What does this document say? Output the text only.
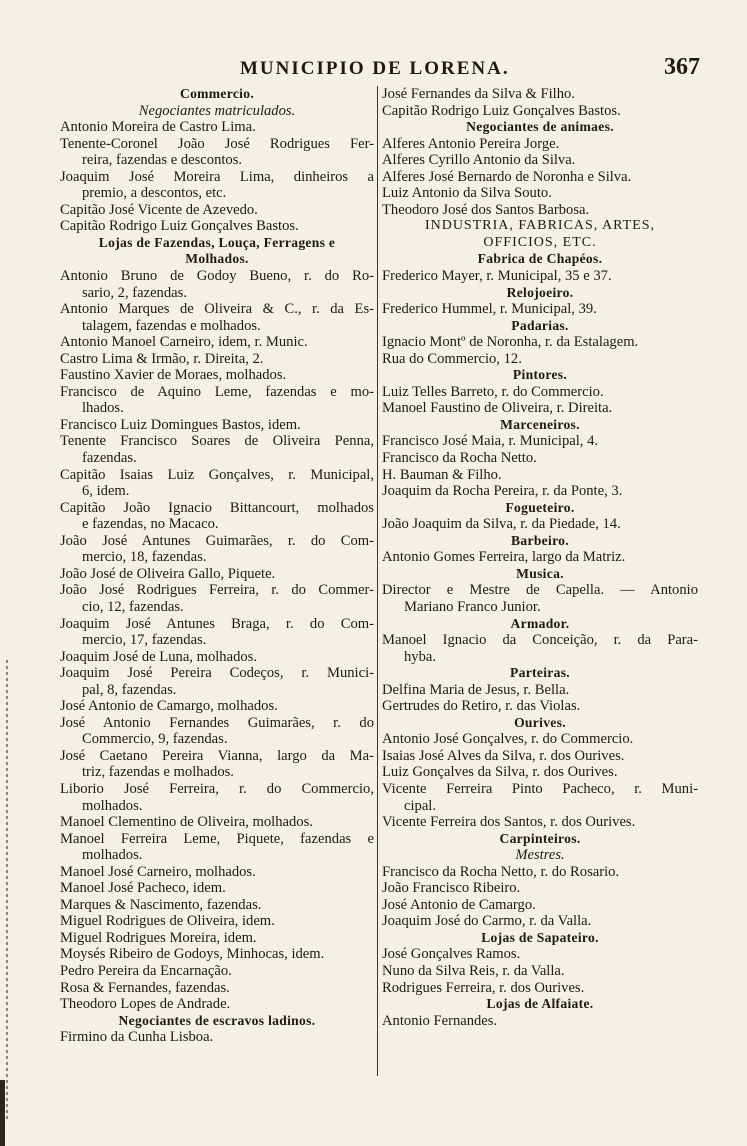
MUNICIPIO DE LORENA.	367
Commercio.
Negociantes matriculados.
Antonio Moreira de Castro Lima.
Tenente-Coronel João José Rodrigues Fer-
reira, fazendas e descontos.
Joaquim José Moreira Lima, dinheiros a
premio, a descontos, etc.
Capitão José Vicente de Azevedo.
Capitão Rodrigo Luiz Gonçalves Bastos.
Lojas de Fazendas, Louça, Ferragens e
Molhados.
Antonio Bruno de Godoy Bueno, r. do Ro-
sario, 2, fazendas.
Antonio Marques de Oliveira & C., r. da Es-
talagem, fazendas e molhados.
Antonio Manoel Carneiro, idem, r. Munic.
Castro Lima & Irmão, r. Direita, 2.
Faustino Xavier de Moraes, molhados.
Francisco de Aquino Leme, fazendas e mo-
lhados.
Francisco Luiz Domingues Bastos, idem.
Tenente Francisco Soares de Oliveira Penna,
fazendas.
Capitão Isaias Luiz Gonçalves, r. Municipal,
6, idem.
Capitão João Ignacio Bittancourt, molhados
e fazendas, no Macaco.
João José Antunes Guimarães, r. do Com-
mercio, 18, fazendas.
João José de Oliveira Gallo, Piquete.
João José Rodrigues Ferreira, r. do Commer-
cio, 12, fazendas.
Joaquim José Antunes Braga, r. do Com-
mercio, 17, fazendas.
Joaquim José de Luna, molhados.
Joaquim José Pereira Codeços, r. Munici-
pal, 8, fazendas.
José Antonio de Camargo, molhados.
José Antonio Fernandes Guimarães, r. do
Commercio, 9, fazendas.
José Caetano Pereira Vianna, largo da Ma-
triz, fazendas e molhados.
Liborio José Ferreira, r. do Commercio,
molhados.
Manoel Clementino de Oliveira, molhados.
Manoel Ferreira Leme, Piquete, fazendas e
molhados.
Manoel José Carneiro, molhados.
Manoel José Pacheco, idem.
Marques & Nascimento, fazendas.
Miguel Rodrigues de Oliveira, idem.
Miguel Rodrigues Moreira, idem.
Moysés Ribeiro de Godoys, Minhocas, idem.
Pedro Pereira da Encarnação.
Rosa & Fernandes, fazendas.
Theodoro Lopes de Andrade.
Negociantes de escravos ladinos.
Firmino da Cunha Lisboa.
José Fernandes da Silva & Filho.
Capitão Rodrigo Luiz Gonçalves Bastos.
Negociantes de animaes.
Alferes Antonio Pereira Jorge.
Alferes Cyrillo Antonio da Silva.
Alferes José Bernardo de Noronha e Silva.
Luiz Antonio da Silva Souto.
Theodoro José dos Santos Barbosa.
INDUSTRIA, FABRICAS, ARTES,
OFFICIOS, ETC.
Fabrica de Chapéos.
Frederico Mayer, r. Municipal, 35 e 37.
Relojoeiro.
Frederico Hummel, r. Municipal, 39.
Padarias.
Ignacio Montº de Noronha, r. da Estalagem.
Rua do Commercio, 12.
Pintores.
Luiz Telles Barreto, r. do Commercio.
Manoel Faustino de Oliveira, r. Direita.
Marceneiros.
Francisco José Maia, r. Municipal, 4.
Francisco da Rocha Netto.
H. Bauman & Filho.
Joaquim da Rocha Pereira, r. da Ponte, 3.
Fogueteiro.
João Joaquim da Silva, r. da Piedade, 14.
Barbeiro.
Antonio Gomes Ferreira, largo da Matriz.
Musica.
Director e Mestre de Capella. — Antonio
Mariano Franco Junior.
Armador.
Manoel Ignacio da Conceição, r. da Para-
hyba.
Parteiras.
Delfina Maria de Jesus, r. Bella.
Gertrudes do Retiro, r. das Violas.
Ourives.
Antonio José Gonçalves, r. do Commercio.
Isaias José Alves da Silva, r. dos Ourives.
Luiz Gonçalves da Silva, r. dos Ourives.
Vicente Ferreira Pinto Pacheco, r. Muni-
cipal.
Vicente Ferreira dos Santos, r. dos Ourives.
Carpinteiros.
Mestres.
Francisco da Rocha Netto, r. do Rosario.
João Francisco Ribeiro.
José Antonio de Camargo.
Joaquim José do Carmo, r. da Valla.
Lojas de Sapateiro.
José Gonçalves Ramos.
Nuno da Silva Reis, r. da Valla.
Rodrigues Ferreira, r. dos Ourives.
Lojas de Alfaiate.
Antonio Fernandes.
